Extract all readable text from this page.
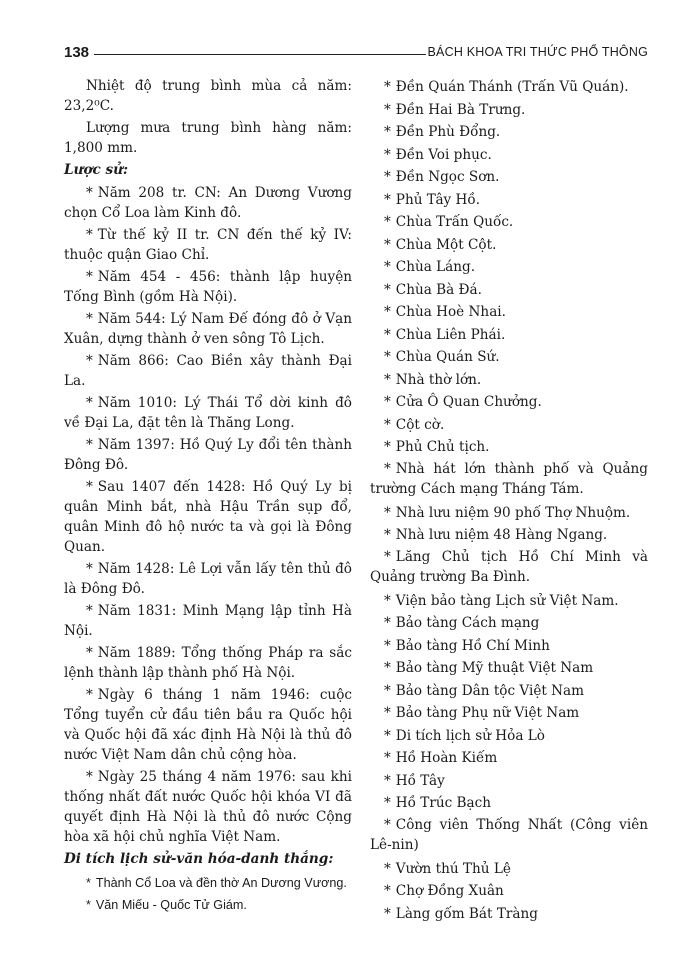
138	BÁCH KHOA TRI THỨC PHỔ THÔNG

Nhiệt độ trung bình mùa cả năm: 23,2⁰C.

Lượng mưa trung bình hàng năm: 1,800 mm.

Lược sử:

* Năm 208 tr. CN: An Dương Vương chọn Cổ Loa làm Kinh đô.

* Từ thế kỷ II tr. CN đến thế kỷ IV: thuộc quận Giao Chỉ.

* Năm 454 - 456: thành lập huyện Tống Bình (gồm Hà Nội).

* Năm 544: Lý Nam Đế đóng đô ở Vạn Xuân, dựng thành ở ven sông Tô Lịch.

* Năm 866: Cao Biền xây thành Đại La.

* Năm 1010: Lý Thái Tổ dời kinh đô về Đại La, đặt tên là Thăng Long.

* Năm 1397: Hồ Quý Ly đổi tên thành Đông Đô.

* Sau 1407 đến 1428: Hồ Quý Ly bị quân Minh bắt, nhà Hậu Trần sụp đổ, quân Minh đô hộ nước ta và gọi là Đông Quan.

* Năm 1428: Lê Lợi vẫn lấy tên thủ đô là Đông Đô.

* Năm 1831: Minh Mạng lập tỉnh Hà Nội.

* Năm 1889: Tổng thống Pháp ra sắc lệnh thành lập thành phố Hà Nội.

* Ngày 6 tháng 1 năm 1946: cuộc Tổng tuyển cử đầu tiên bầu ra Quốc hội và Quốc hội đã xác định Hà Nội là thủ đô nước Việt Nam dân chủ cộng hòa.

* Ngày 25 tháng 4 năm 1976: sau khi thống nhất đất nước Quốc hội khóa VI đã quyết định Hà Nội là thủ đô nước Cộng hòa xã hội chủ nghĩa Việt Nam.

Di tích lịch sử-văn hóa-danh thắng:
* Thành Cổ Loa và đền thờ An Dương Vương.
* Văn Miếu - Quốc Tử Giám.
* Đền Quán Thánh (Trấn Vũ Quán).
* Đền Hai Bà Trưng.
* Đền Phù Đổng.
* Đền Voi phục.
* Đền Ngọc Sơn.
* Phủ Tây Hồ.
* Chùa Trấn Quốc.
* Chùa Một Cột.
* Chùa Láng.
* Chùa Bà Đá.
* Chùa Hoè Nhai.
* Chùa Liên Phái.
* Chùa Quán Sứ.
* Nhà thờ lớn.
* Cửa Ô Quan Chưởng.
* Cột cờ.
* Phủ Chủ tịch.

* Nhà hát lớn thành phố và Quảng trường Cách mạng Tháng Tám.

* Nhà lưu niệm 90 phố Thợ Nhuộm.
* Nhà lưu niệm 48 Hàng Ngang.

* Lăng Chủ tịch Hồ Chí Minh và Quảng trường Ba Đình.

* Viện bảo tàng Lịch sử Việt Nam.
* Bảo tàng Cách mạng
* Bảo tàng Hồ Chí Minh
* Bảo tàng Mỹ thuật Việt Nam
* Bảo tàng Dân tộc Việt Nam
* Bảo tàng Phụ nữ Việt Nam
* Di tích lịch sử Hỏa Lò
* Hồ Hoàn Kiếm
* Hồ Tây
* Hồ Trúc Bạch

* Công viên Thống Nhất (Công viên Lê-nin)

* Vườn thú Thủ Lệ
* Chợ Đồng Xuân
* Làng gốm Bát Tràng
